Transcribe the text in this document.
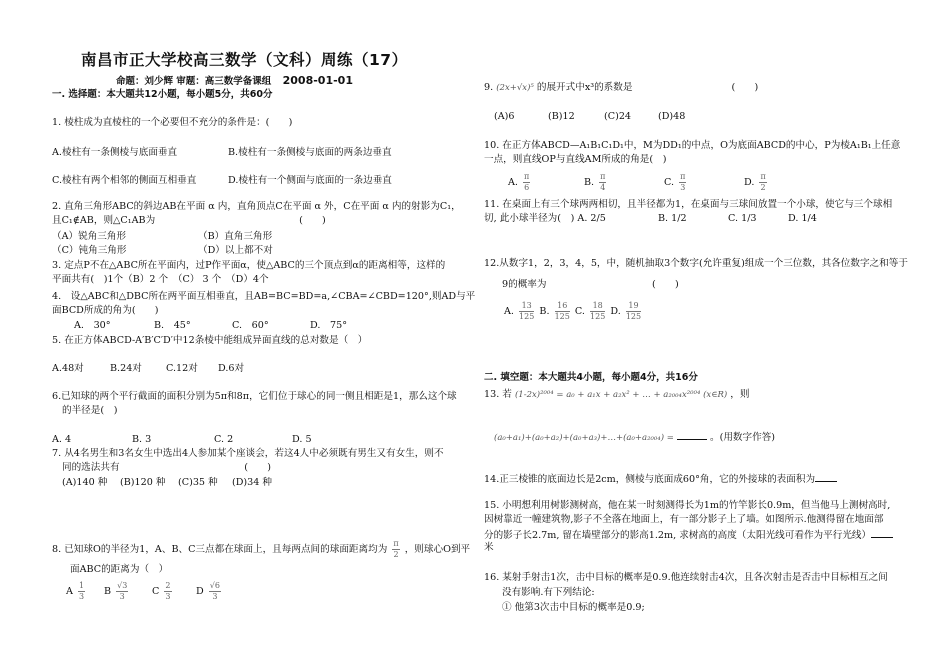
南昌市正大学校高三数学（文科）周练（17）
命题：刘少辉 审题：高三数学备课组 2008-01-01
一. 选择题：本大题共12小题，每小题5分，共60分
1. 棱柱成为直棱柱的一个必要但不充分的条件是：(　　)
A.棱柱有一条侧棱与底面垂直	B.棱柱有一条侧棱与底面的两条边垂直
C.棱柱有两个相邻的侧面互相垂直	D.棱柱有一个侧面与底面的一条边垂直
2. 直角三角形ABC的斜边AB在平面 α 内，直角顶点C在平面 α 外，C在平面 α 内的射影为C₁，
且C₁∉AB，则△C₁AB为　　　　　　　　　　　　　　　(　　)
（A）锐角三角形	（B）直角三角形
（C）钝角三角形	（D）以上都不对
3. 定点P不在△ABC所在平面内，过P作平面α，使△ABC的三个顶点到α的距离相等，这样的
平面共有(　)1个（B）2 个　（C） 3 个　（D）4个
4.　设△ABC和△DBC所在两平面互相垂直，且AB=BC=BD=a,∠CBA=∠CBD=120°,则AD与平
面BCD所成的角为(　　)
A.　30°	B.　45°	C.　60°	D.　75°
5. 在正方体ABCD-A′B′C′D′中12条棱中能组成异面直线的总对数是（　）
A.48对	B.24对	C.12对 D.6对
6.已知球的两个平行截面的面积分别为5π和8π，它们位于球心的同一侧且相距是1，那么这个球
的半径是(　)
A. 4	B. 3	C. 2	D. 5
7. 从4名男生和3名女生中选出4人参加某个座谈会，若这4人中必须既有男生又有女生，则不
同的选法共有　　　　　　　　　　　　　(　　)
(A)140 种 (B)120 种 (C)35 种 (D)34 种
8. 已知球O的半径为1，A、B、C三点都在球面上，且每两点间的球面距离均为 $\frac{\pi}{2}$ ，则球心O到平
面ABC的距离为（　）
A $\frac{1}{3}$ B $\frac{√3}{3}$ C $\frac{2}{3}$	D $\frac{√6}{3}$
9. (2x+√x)⁵ 的展开式中x³的系数是	(　　)
(A)6	(B)12	(C)24	(D)48
10. 在正方体ABCD—A₁B₁C₁D₁中，M为DD₁的中点，O为底面ABCD的中心，P为棱A₁B₁上任意
一点，则直线OP与直线AM所成的角是(　)
A. $\frac{\pi}{6}$	B. $\frac{\pi}{4}$	C. $\frac{\pi}{3}$	D. $\frac{\pi}{2}$
11. 在桌面上有三个球两两相切，且半径都为1，在桌面与三球间放置一个小球，使它与三个球相
切, 此小球半径为(　) A. 2/5	B. 1/2	C. 1/3	D. 1/4
12.从数字1，2，3，4，5，中，随机抽取3个数字(允许重复)组成一个三位数，其各位数字之和等于
9的概率为　　　　　　　　　　　(　　)
A. $\frac{13}{125} B$. $\frac{16}{125} C$. $\frac{18}{125} D$. $\frac{19}{125}$
二. 填空题：本大题共4小题，每小题4分，共16分
13. 若 (1-2x)²⁰⁰⁴ = a₀ + a₁x + a₂x² + … + a₂₀₀₄x²⁰⁰⁴ (x∈R) ，则
(a₀+a₁)+(a₀+a₂)+(a₀+a₃)+…+(a₀+a₂₀₀₄) =	。(用数字作答)
14.正三棱锥的底面边长是2cm，侧棱与底面成60°角，它的外接球的表面积为
15. 小明想利用树影测树高，他在某一时刻测得长为1m的竹竿影长0.9m，但当他马上测树高时,
因树靠近一幢建筑物,影子不全落在地面上，有一部分影子上了墙。如图所示.他测得留在地面部
分的影子长2.7m, 留在墙壁部分的影高1.2m, 求树高的高度（太阳光线可看作为平行光线）
米
16. 某射手射击1次，击中目标的概率是0.9.他连续射击4次，且各次射击是否击中目标相互之间
没有影响.有下列结论:
① 他第3次击中目标的概率是0.9;
